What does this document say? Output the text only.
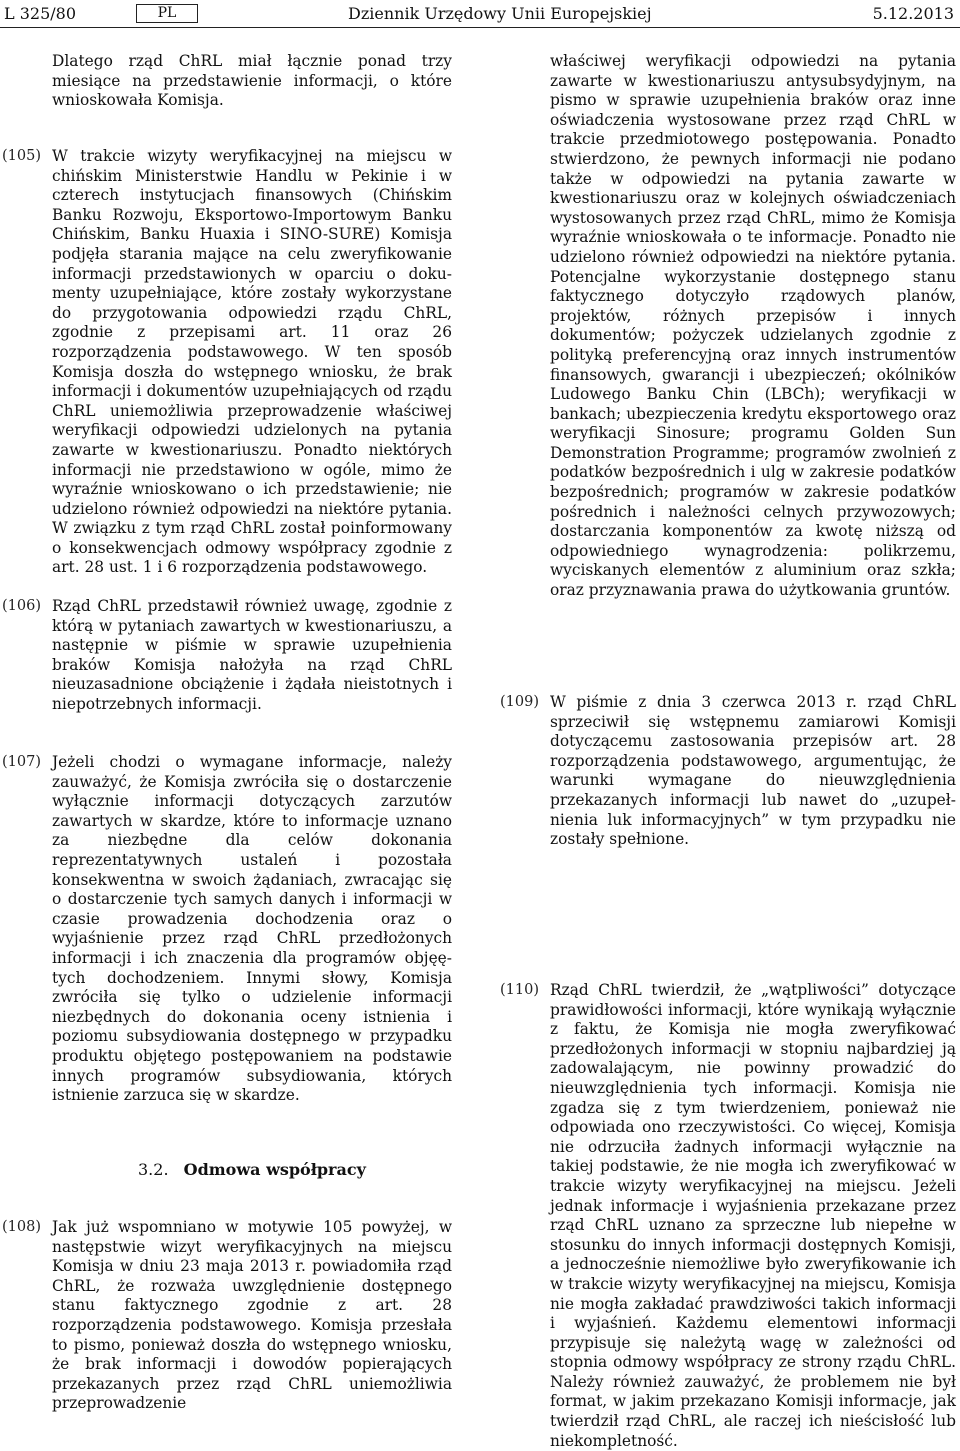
L 325/80	PL	Dziennik Urzędowy Unii Europejskiej	5.12.2013
Dlatego rząd ChRL miał łącznie ponad trzy miesiące na przedstawienie informacji, o które wnioskowała Komisja.
(105) W trakcie wizyty weryfikacyjnej na miejscu w chińskim Ministerstwie Handlu w Pekinie i w czterech instytucjach finansowych (Chińskim Banku Rozwoju, Eksportowo-Importowym Banku Chińskim, Banku Huaxia i SINO-SURE) Komisja podjęła starania mające na celu zweryfikowanie informacji przedstawionych w oparciu o dokumenty uzupełniające, które zostały wykorzystane do przygotowania odpowiedzi rządu ChRL, zgodnie z przepisami art. 11 oraz 26 rozporządzenia podstawowego. W ten sposób Komisja doszła do wstępnego wniosku, że brak informacji i dokumentów uzupełniających od rządu ChRL uniemożliwia przeprowadzenie właściwej weryfikacji odpowiedzi udzielonych na pytania zawarte w kwestionariuszu. Ponadto niektórych informacji nie przedstawiono w ogóle, mimo że wyraźnie wnioskowano o ich przedstawienie; nie udzielono również odpowiedzi na niektóre pytania. W związku z tym rząd ChRL został poinformowany o konsekwencjach odmowy współpracy zgodnie z art. 28 ust. 1 i 6 rozporządzenia podstawowego.
(106) Rząd ChRL przedstawił również uwagę, zgodnie z którą w pytaniach zawartych w kwestionariuszu, a następnie w piśmie w sprawie uzupełnienia braków Komisja nałożyła na rząd ChRL nieuzasadnione obciążenie i żądała nieistotnych i niepotrzebnych informacji.
(107) Jeżeli chodzi o wymagane informacje, należy zauważyć, że Komisja zwróciła się o dostarczenie wyłącznie informacji dotyczących zarzutów zawartych w skardze, które to informacje uznano za niezbędne dla celów dokonania reprezentatywnych ustaleń i pozostała konsekwentna w swoich żądaniach, zwracając się o dostarczenie tych samych danych i informacji w czasie prowadzenia dochodzenia oraz o wyjaśnienie przez rząd ChRL przedłożonych informacji i ich znaczenia dla programów objęętych dochodzeniem. Innymi słowy, Komisja zwróciła się tylko o udzielenie informacji niezbędnych do dokonania oceny istnienia i poziomu subsydiowania dostępnego w przypadku produktu objętego postępowaniem na podstawie innych programów subsydiowania, których istnienie zarzuca się w skardze.
3.2. Odmowa współpracy
(108) Jak już wspomniano w motywie 105 powyżej, w następstwie wizyt weryfikacyjnych na miejscu Komisja w dniu 23 maja 2013 r. powiadomiła rząd ChRL, że rozważa uwzględnienie dostępnego stanu faktycznego zgodnie z art. 28 rozporządzenia podstawowego. Komisja przesłała to pismo, ponieważ doszła do wstępnego wniosku, że brak informacji i dowodów popierających przekazanych przez rząd ChRL uniemożliwia przeprowadzenie
właściwej weryfikacji odpowiedzi na pytania zawarte w kwestionariuszu antysubsydyjnym, na pismo w sprawie uzupełnienia braków oraz inne oświadczenia wystosowane przez rząd ChRL w trakcie przedmiotowego postępowania. Ponadto stwierdzono, że pewnych informacji nie podano także w odpowiedzi na pytania zawarte w kwestionariuszu oraz w kolejnych oświadczeniach wystosowanych przez rząd ChRL, mimo że Komisja wyraźnie wnioskowała o te informacje. Ponadto nie udzielono również odpowiedzi na niektóre pytania. Potencjalne wykorzystanie dostępnego stanu faktycznego dotyczyło rządowych planów, projektów, różnych przepisów i innych dokumentów; pożyczek udzielanych zgodnie z polityką preferencyjną oraz innych instrumentów finansowych, gwarancji i ubezpieczeń; okólników Ludowego Banku Chin (LBCh); weryfikacji w bankach; ubezpieczenia kredytu eksportowego oraz weryfikacji Sinosure; programu Golden Sun Demonstration Programme; programów zwolnień z podatków bezpośrednich i ulg w zakresie podatków bezpośrednich; programów w zakresie podatków pośrednich i należności celnych przywozowych; dostarczania komponentów za kwotę niższą od odpowiedniego wynagrodzenia: polikrzemu, wyciskanych elementów z aluminium oraz szkła; oraz przyznawania prawa do użytkowania gruntów.
(109) W piśmie z dnia 3 czerwca 2013 r. rząd ChRL sprzeciwił się wstępnemu zamiarowi Komisji dotyczącemu zastosowania przepisów art. 28 rozporządzenia podstawowego, argumentując, że warunki wymagane do nieuwzględnienia przekazanych informacji lub nawet do „uzupełnienia luk informacyjnych” w tym przypadku nie zostały spełnione.
(110) Rząd ChRL twierdził, że „wątpliwości” dotyczące prawidłowości informacji, które wynikają wyłącznie z faktu, że Komisja nie mogła zweryfikować przedłożonych informacji w stopniu najbardziej ją zadowalającym, nie powinny prowadzić do nieuwzględnienia tych informacji. Komisja nie zgadza się z tym twierdzeniem, ponieważ nie odpowiada ono rzeczywistości. Co więcej, Komisja nie odrzuciła żadnych informacji wyłącznie na takiej podstawie, że nie mogła ich zweryfikować w trakcie wizyty weryfikacyjnej na miejscu. Jeżeli jednak informacje i wyjaśnienia przekazane przez rząd ChRL uznano za sprzeczne lub niepełne w stosunku do innych informacji dostępnych Komisji, a jednocześnie niemożliwe było zweryfikowanie ich w trakcie wizyty weryfikacyjnej na miejscu, Komisja nie mogła zakładać prawdziwości takich informacji i wyjaśnień. Każdemu elementowi informacji przypisuje się należytą wagę w zależności od stopnia odmowy współpracy ze strony rządu ChRL. Należy również zauważyć, że problemem nie był format, w jakim przekazano Komisji informacje, jak twierdził rząd ChRL, ale raczej ich nieścisłość lub niekompletność.
